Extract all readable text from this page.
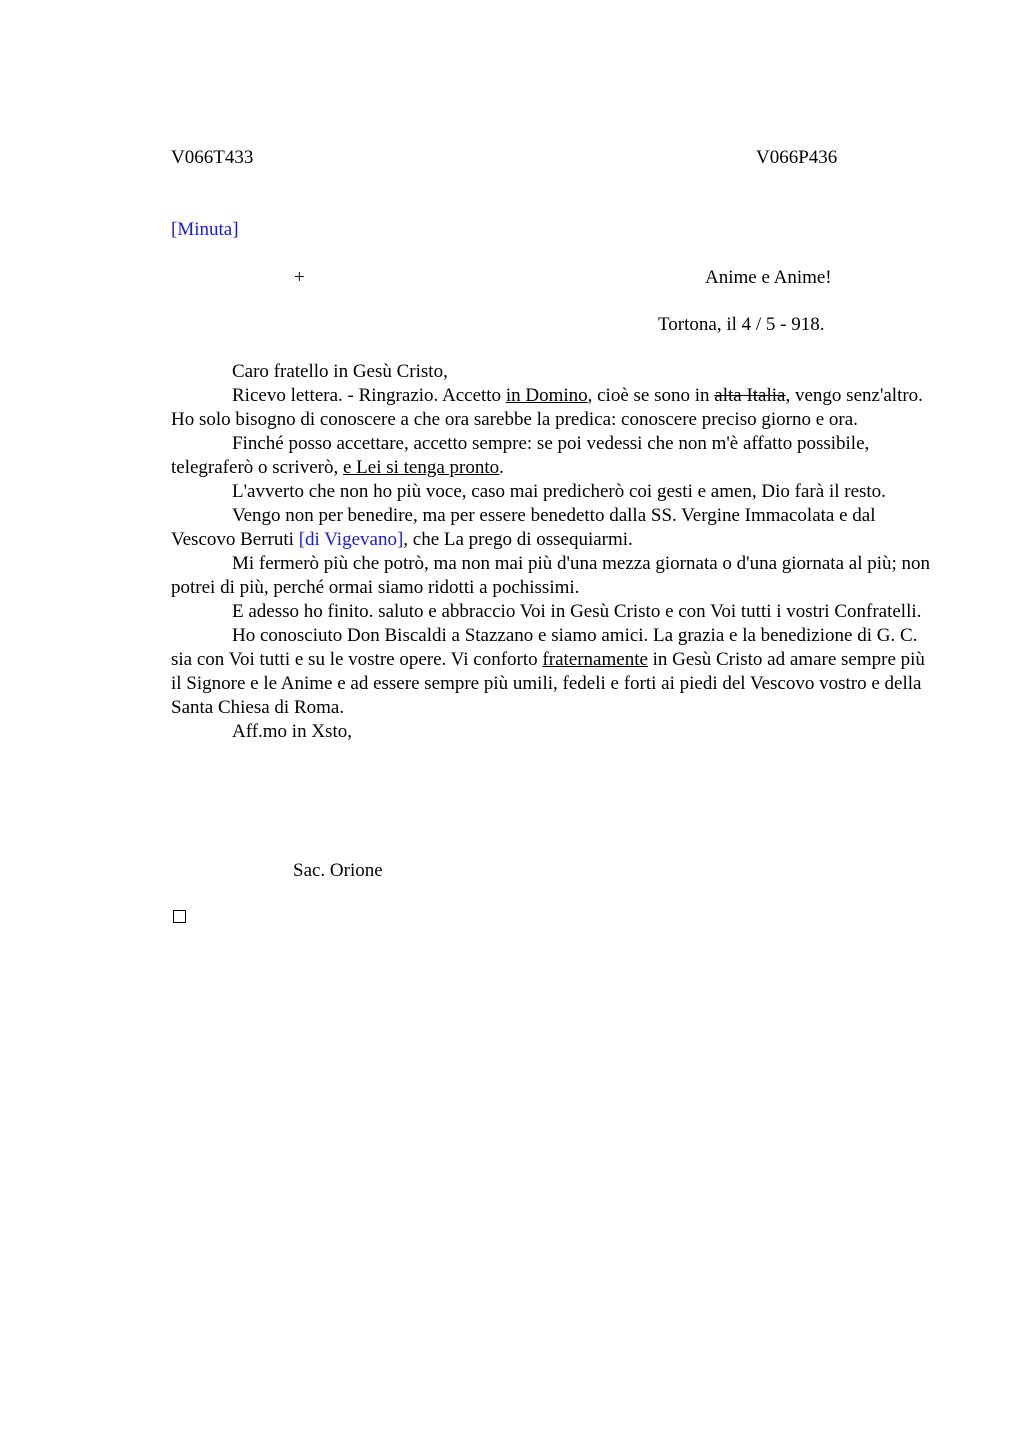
V066T433	V066P436
[Minuta]
+	Anime e Anime!
Tortona, il 4 / 5 - 918.

Caro fratello in Gesù Cristo,

Ricevo lettera. - Ringrazio. Accetto in Domino, cioè se sono in alta Italia, vengo senz'altro. Ho solo bisogno di conoscere a che ora sarebbe la predica: conoscere preciso giorno e ora.

Finché posso accettare, accetto sempre: se poi vedessi che non m'è affatto possibile, telegraferò o scriverò, e Lei si tenga pronto.

L'avverto che non ho più voce, caso mai predicherò coi gesti e amen, Dio farà il resto.

Vengo non per benedire, ma per essere benedetto dalla SS. Vergine Immacolata e dal Vescovo Berruti [di Vigevano], che La prego di ossequiarmi.

Mi fermerò più che potrò, ma non mai più d'una mezza giornata o d'una giornata al più; non potrei di più, perché ormai siamo ridotti a pochissimi.

E adesso ho finito. saluto e abbraccio Voi in Gesù Cristo e con Voi tutti i vostri Confratelli.

Ho conosciuto Don Biscaldi a Stazzano e siamo amici. La grazia e la benedizione di G. C. sia con Voi tutti e su le vostre opere. Vi conforto fraternamente in Gesù Cristo ad amare sempre più il Signore e le Anime e ad essere sempre più umili, fedeli e forti ai piedi del Vescovo vostro e della Santa Chiesa di Roma.

Aff.mo in Xsto,

Sac. Orione
